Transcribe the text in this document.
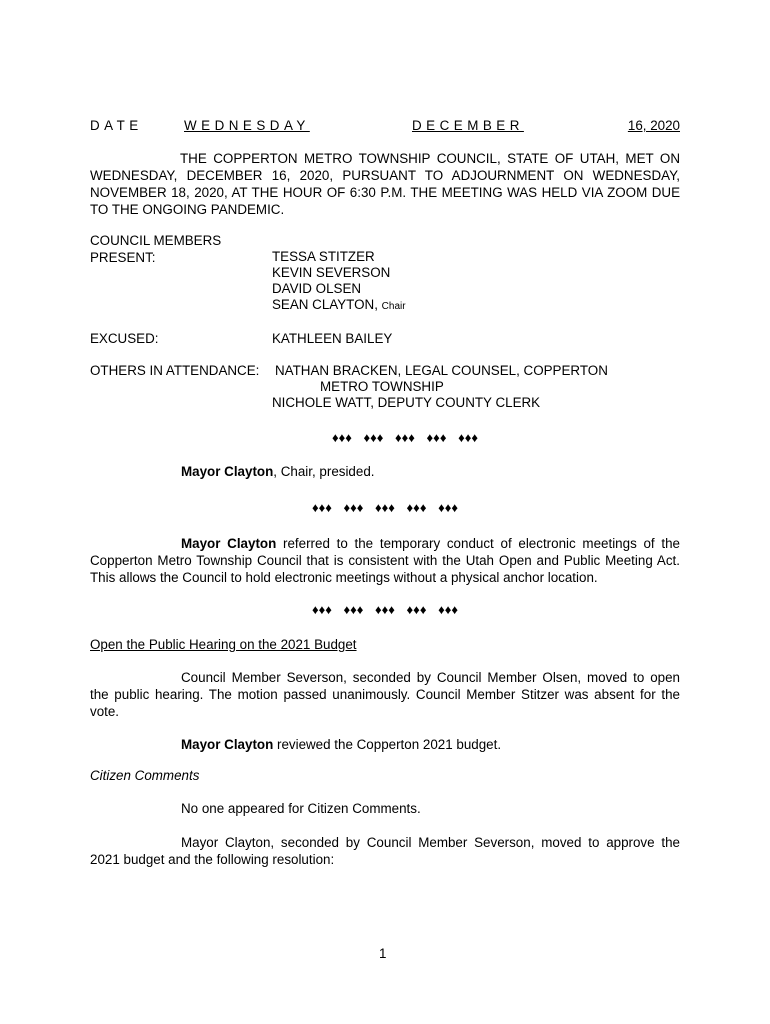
DATE	WEDNESDAY	DECEMBER	16, 2020
THE COPPERTON METRO TOWNSHIP COUNCIL, STATE OF UTAH, MET ON WEDNESDAY, DECEMBER 16, 2020, PURSUANT TO ADJOURNMENT ON WEDNESDAY, NOVEMBER 18, 2020, AT THE HOUR OF 6:30 P.M. THE MEETING WAS HELD VIA ZOOM DUE TO THE ONGOING PANDEMIC.
COUNCIL MEMBERS
PRESENT:	TESSA STITZER
KEVIN SEVERSON
DAVID OLSEN
SEAN CLAYTON, Chair
EXCUSED:	KATHLEEN BAILEY
OTHERS IN ATTENDANCE: NATHAN BRACKEN, LEGAL COUNSEL, COPPERTON
METRO TOWNSHIP
NICHOLE WATT, DEPUTY COUNTY CLERK
♦♦♦ ♦♦♦ ♦♦♦ ♦♦♦ ♦♦♦
Mayor Clayton, Chair, presided.
♦♦♦ ♦♦♦ ♦♦♦ ♦♦♦ ♦♦♦
Mayor Clayton referred to the temporary conduct of electronic meetings of the Copperton Metro Township Council that is consistent with the Utah Open and Public Meeting Act. This allows the Council to hold electronic meetings without a physical anchor location.
♦♦♦ ♦♦♦ ♦♦♦ ♦♦♦ ♦♦♦
Open the Public Hearing on the 2021 Budget
Council Member Severson, seconded by Council Member Olsen, moved to open the public hearing. The motion passed unanimously. Council Member Stitzer was absent for the vote.
Mayor Clayton reviewed the Copperton 2021 budget.
Citizen Comments
No one appeared for Citizen Comments.
Mayor Clayton, seconded by Council Member Severson, moved to approve the 2021 budget and the following resolution:
1
